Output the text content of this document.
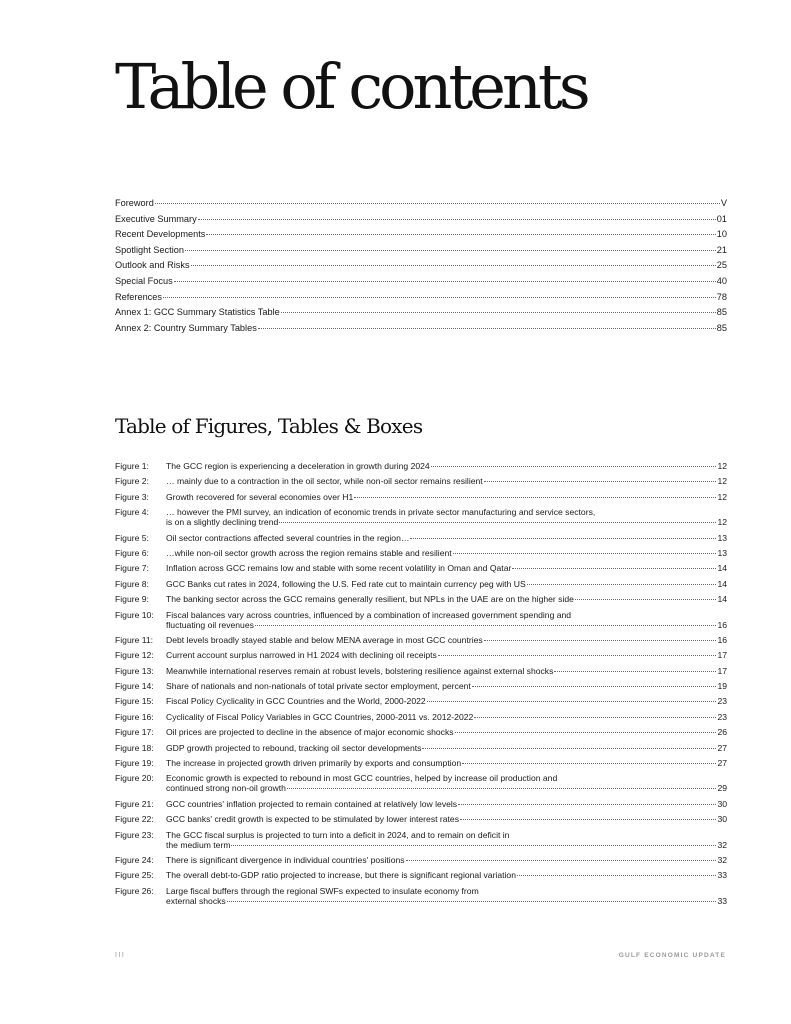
Table of contents
Foreword	V
Executive Summary	01
Recent Developments	10
Spotlight Section	21
Outlook and Risks	25
Special Focus	40
References	78
Annex 1: GCC Summary Statistics Table	85
Annex 2: Country Summary Tables	85
Table of Figures, Tables & Boxes
Figure 1:	The GCC region is experiencing a deceleration in growth during 2024	12
Figure 2:	… mainly due to a contraction in the oil sector, while non-oil sector remains resilient	12
Figure 3:	Growth recovered for several economies over H1	12
Figure 4:	… however the PMI survey, an indication of economic trends in private sector manufacturing and service sectors,
is on a slightly declining trend	12
Figure 5:	Oil sector contractions affected several countries in the region…	13
Figure 6:	…while non-oil sector growth across the region remains stable and resilient	13
Figure 7:	Inflation across GCC remains low and stable with some recent volatility in Oman and Qatar	14
Figure 8:	GCC Banks cut rates in 2024, following the U.S. Fed rate cut to maintain currency peg with US	14
Figure 9:	The banking sector across the GCC remains generally resilient, but NPLs in the UAE are on the higher side	14
Figure 10:	Fiscal balances vary across countries, influenced by a combination of increased government spending and
fluctuating oil revenues	16
Figure 11:	Debt levels broadly stayed stable and below MENA average in most GCC countries	16
Figure 12:	Current account surplus narrowed in H1 2024 with declining oil receipts	17
Figure 13:	Meanwhile international reserves remain at robust levels, bolstering resilience against external shocks	17
Figure 14:	Share of nationals and non-nationals of total private sector employment, percent	19
Figure 15:	Fiscal Policy Cyclicality in GCC Countries and the World, 2000-2022	23
Figure 16:	Cyclicality of Fiscal Policy Variables in GCC Countries, 2000-2011 vs. 2012-2022	23
Figure 17:	Oil prices are projected to decline in the absence of major economic shocks	26
Figure 18:	GDP growth projected to rebound, tracking oil sector developments	27
Figure 19:	The increase in projected growth driven primarily by exports and consumption	27
Figure 20:	Economic growth is expected to rebound in most GCC countries, helped by increase oil production and
continued strong non-oil growth	29
Figure 21:	GCC countries' inflation projected to remain contained at relatively low levels	30
Figure 22:	GCC banks' credit growth is expected to be stimulated by lower interest rates	30
Figure 23:	The GCC fiscal surplus is projected to turn into a deficit in 2024, and to remain on deficit in
the medium term	32
Figure 24:	There is significant divergence in individual countries' positions	32
Figure 25:	The overall debt-to-GDP ratio projected to increase, but there is significant regional variation	33
Figure 26:	Large fiscal buffers through the regional SWFs expected to insulate economy from
external shocks	33
III	GULF ECONOMIC UPDATE
